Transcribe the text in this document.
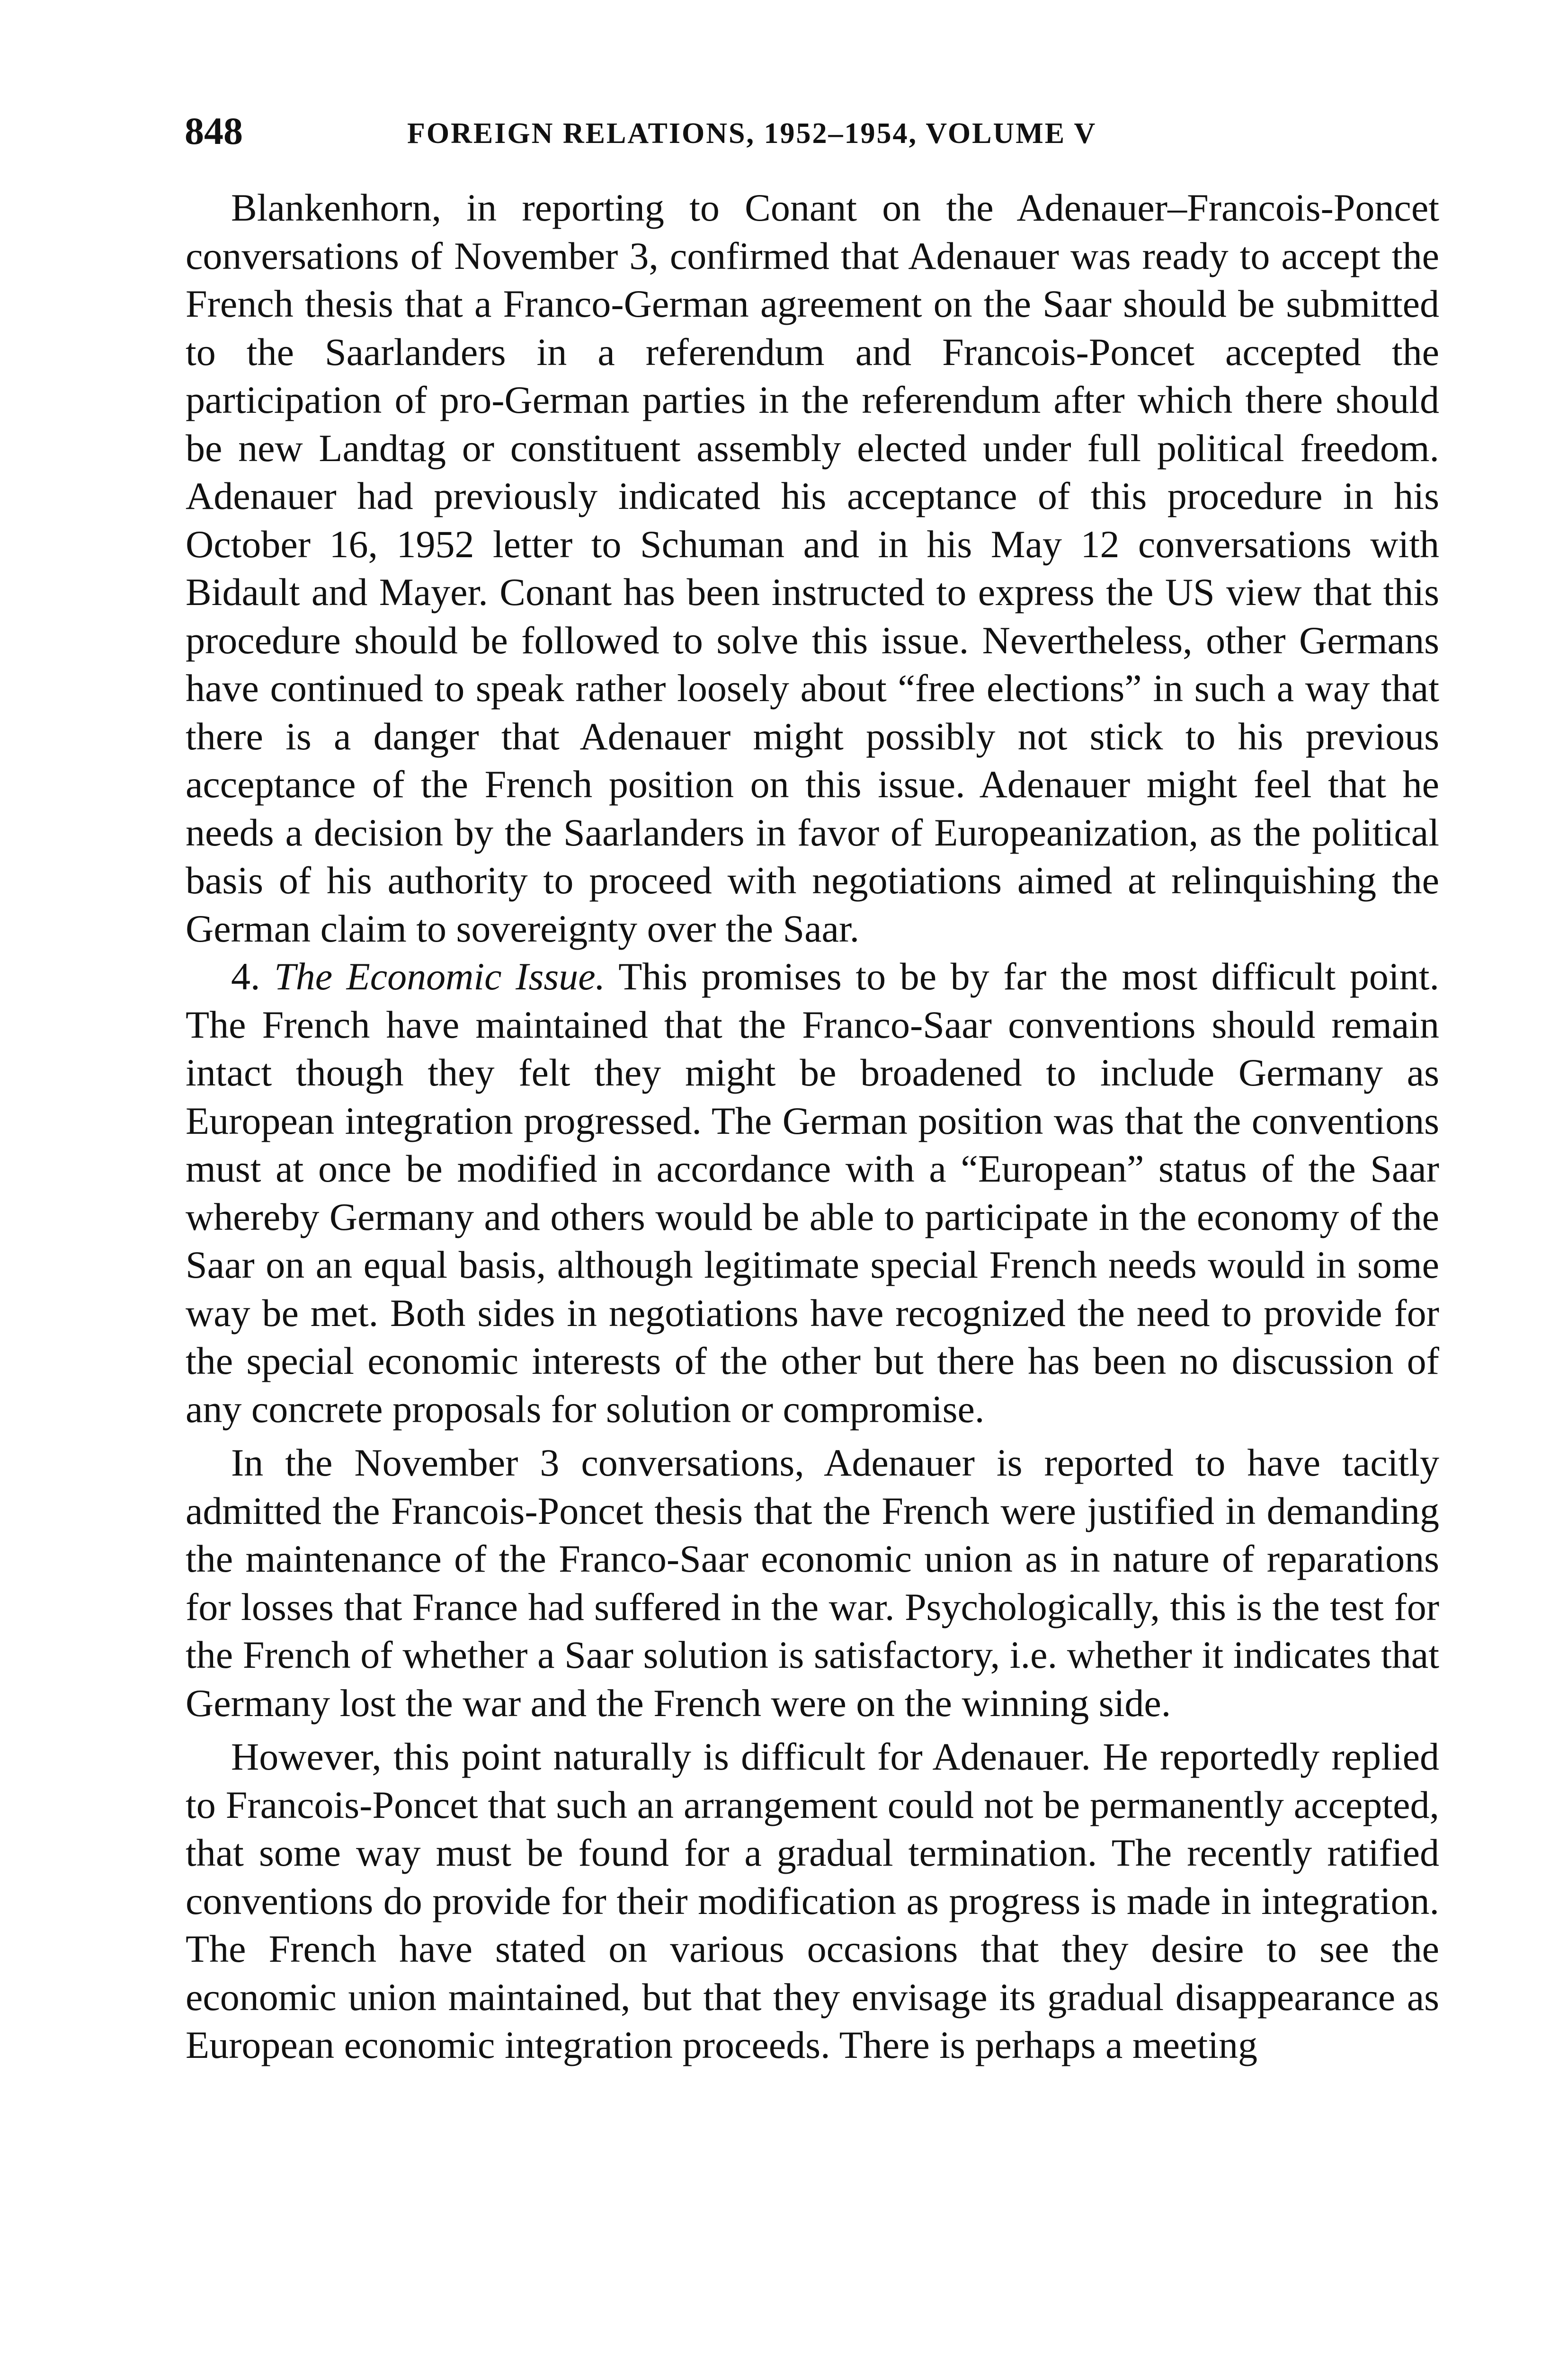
848	FOREIGN RELATIONS, 1952–1954, VOLUME V

Blankenhorn, in reporting to Conant on the Adenauer–Francois-Poncet conversations of November 3, confirmed that Adenauer was ready to accept the French thesis that a Franco-German agreement on the Saar should be submitted to the Saarlanders in a referendum and Francois-Poncet accepted the participation of pro-German parties in the referendum after which there should be new Landtag or constituent assembly elected under full political freedom. Adenauer had previously indicated his acceptance of this procedure in his October 16, 1952 letter to Schuman and in his May 12 conversations with Bidault and Mayer. Conant has been instructed to express the US view that this procedure should be followed to solve this issue. Nevertheless, other Germans have continued to speak rather loosely about “free elections” in such a way that there is a danger that Adenauer might possibly not stick to his previous acceptance of the French position on this issue. Adenauer might feel that he needs a decision by the Saarlanders in favor of Europeanization, as the political basis of his authority to proceed with negotiations aimed at relinquishing the German claim to sovereignty over the Saar.

4. The Economic Issue. This promises to be by far the most difficult point. The French have maintained that the Franco-Saar conventions should remain intact though they felt they might be broadened to include Germany as European integration progressed. The German position was that the conventions must at once be modified in accordance with a “European” status of the Saar whereby Germany and others would be able to participate in the economy of the Saar on an equal basis, although legitimate special French needs would in some way be met. Both sides in negotiations have recognized the need to provide for the special economic interests of the other but there has been no discussion of any concrete proposals for solution or compromise.

In the November 3 conversations, Adenauer is reported to have tacitly admitted the Francois-Poncet thesis that the French were justified in demanding the maintenance of the Franco-Saar economic union as in nature of reparations for losses that France had suffered in the war. Psychologically, this is the test for the French of whether a Saar solution is satisfactory, i.e. whether it indicates that Germany lost the war and the French were on the winning side.

However, this point naturally is difficult for Adenauer. He reportedly replied to Francois-Poncet that such an arrangement could not be permanently accepted, that some way must be found for a gradual termination. The recently ratified conventions do provide for their modification as progress is made in integration. The French have stated on various occasions that they desire to see the economic union maintained, but that they envisage its gradual disappearance as European economic integration proceeds. There is perhaps a meeting
